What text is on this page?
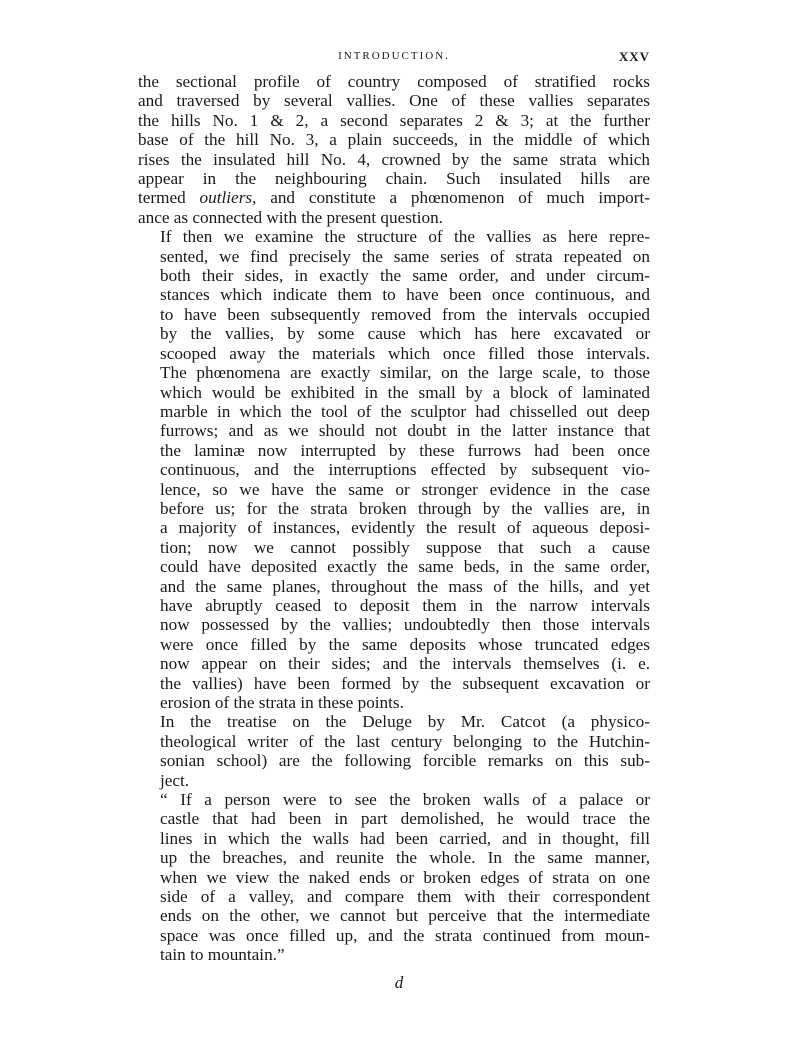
INTRODUCTION.	XXV

the sectional profile of country composed of stratified rocks
and traversed by several vallies. One of these vallies separates
the hills No. 1 & 2, a second separates 2 & 3; at the further
base of the hill No. 3, a plain succeeds, in the middle of which
rises the insulated hill No. 4, crowned by the same strata which
appear in the neighbouring chain. Such insulated hills are
termed outliers, and constitute a phœnomenon of much import-
ance as connected with the present question.

If then we examine the structure of the vallies as here repre-
sented, we find precisely the same series of strata repeated on
both their sides, in exactly the same order, and under circum-
stances which indicate them to have been once continuous, and
to have been subsequently removed from the intervals occupied
by the vallies, by some cause which has here excavated or
scooped away the materials which once filled those intervals.
The phœnomena are exactly similar, on the large scale, to those
which would be exhibited in the small by a block of laminated
marble in which the tool of the sculptor had chisselled out deep
furrows; and as we should not doubt in the latter instance that
the laminæ now interrupted by these furrows had been once
continuous, and the interruptions effected by subsequent vio-
lence, so we have the same or stronger evidence in the case
before us; for the strata broken through by the vallies are, in
a majority of instances, evidently the result of aqueous deposi-
tion; now we cannot possibly suppose that such a cause
could have deposited exactly the same beds, in the same order,
and the same planes, throughout the mass of the hills, and yet
have abruptly ceased to deposit them in the narrow intervals
now possessed by the vallies; undoubtedly then those intervals
were once filled by the same deposits whose truncated edges
now appear on their sides; and the intervals themselves (i. e.
the vallies) have been formed by the subsequent excavation or
erosion of the strata in these points.

In the treatise on the Deluge by Mr. Catcot (a physico-
theological writer of the last century belonging to the Hutchin-
sonian school) are the following forcible remarks on this sub-
ject.

“ If a person were to see the broken walls of a palace or
castle that had been in part demolished, he would trace the
lines in which the walls had been carried, and in thought, fill
up the breaches, and reunite the whole. In the same manner,
when we view the naked ends or broken edges of strata on one
side of a valley, and compare them with their correspondent
ends on the other, we cannot but perceive that the intermediate
space was once filled up, and the strata continued from moun-
tain to mountain.”

d
